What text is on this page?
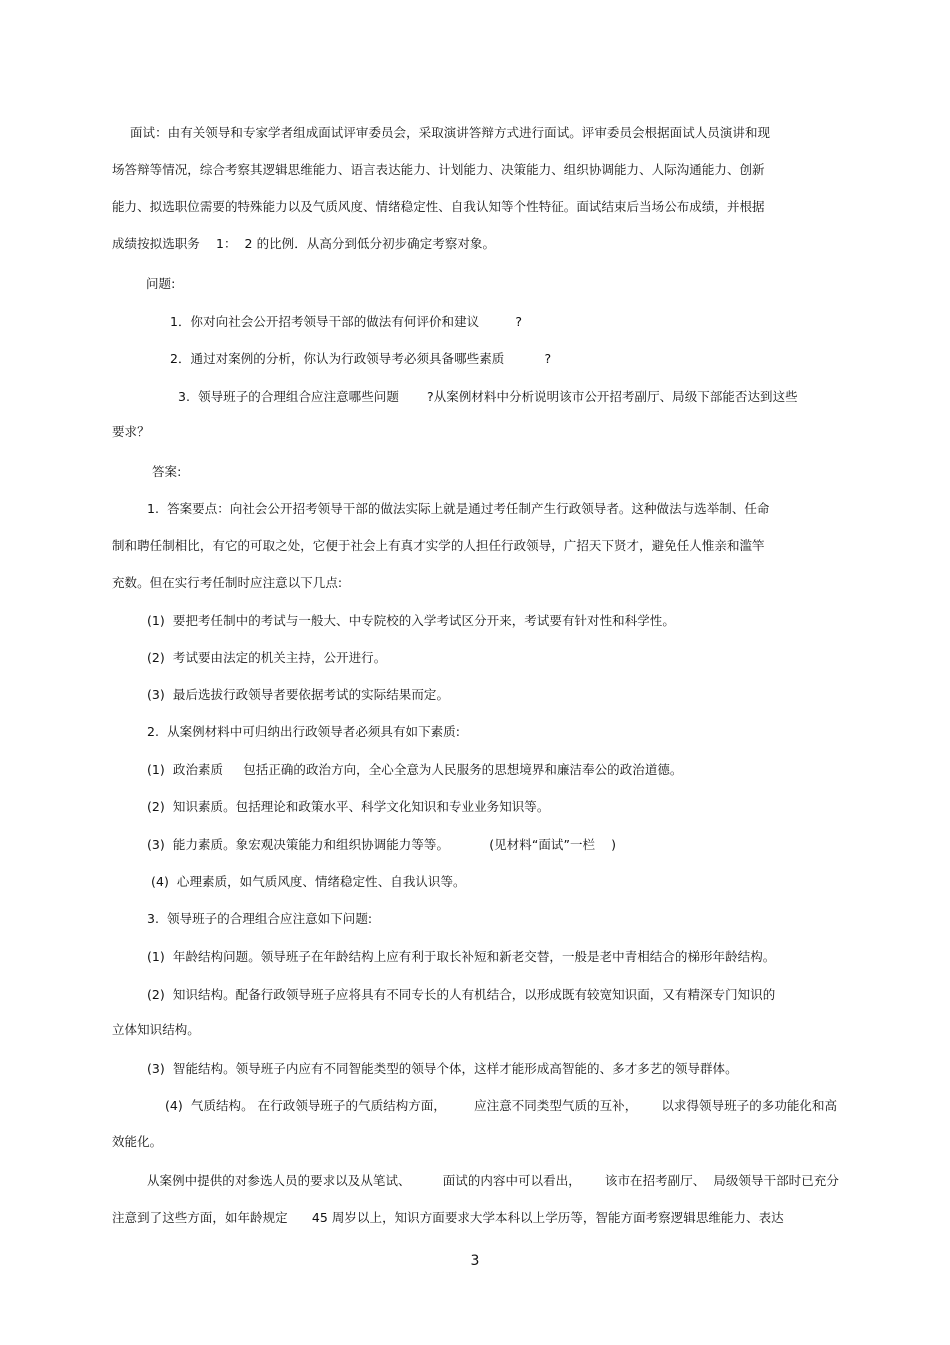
面试：由有关领导和专家学者组成面试评审委员会，采取演讲答辩方式进行面试。评审委员会根据面试人员演讲和现
场答辩等情况，综合考察其逻辑思维能力、语言表达能力、计划能力、决策能力、组织协调能力、人际沟通能力、创新
能力、拟选职位需要的特殊能力以及气质风度、情绪稳定性、自我认知等个性特征。面试结束后当场公布成绩，并根据
成绩按拟选职务    1：  2 的比例．从高分到低分初步确定考察对象。
问题:
1．你对向社会公开招考领导干部的做法有何评价和建议         ?
2．通过对案例的分析，你认为行政领导考必须具备哪些素质          ?
3.  领导班子的合理组合应注意哪些问题       ?从案例材料中分析说明该市公开招考副厅、局级下部能否达到这些
要求？
答案:
1.  答案要点：向社会公开招考领导干部的做法实际上就是通过考任制产生行政领导者。这种做法与选举制、任命
制和聘任制相比，有它的可取之处，它便于社会上有真才实学的人担任行政领导，广招天下贤才，避免任人惟亲和滥竿
充数。但在实行考任制时应注意以下几点:
(1)  要把考任制中的考试与一般大、中专院校的入学考试区分开来，考试要有针对性和科学性。
(2)  考试要由法定的机关主持，公开进行。
(3)  最后选拔行政领导者要依据考试的实际结果而定。
2.  从案例材料中可归纳出行政领导者必须具有如下素质:
(1)  政治素质     包括正确的政治方向，全心全意为人民服务的思想境界和廉洁奉公的政治道德。
(2)  知识素质。包括理论和政策水平、科学文化知识和专业业务知识等。
(3)  能力素质。象宏观决策能力和组织协调能力等等。          (见材料“面试”一栏    )
(4)  心理素质，如气质风度、情绪稳定性、自我认识等。
3.  领导班子的合理组合应注意如下问题:
(1)  年龄结构问题。领导班子在年龄结构上应有利于取长补短和新老交替，一般是老中青相结合的梯形年龄结构。
(2)  知识结构。配备行政领导班子应将具有不同专长的人有机结合，以形成既有较宽知识面，又有精深专门知识的
立体知识结构。
(3)  智能结构。领导班子内应有不同智能类型的领导个体，这样才能形成高智能的、多才多艺的领导群体。
(4)  气质结构。 在行政领导班子的气质结构方面，       应注意不同类型气质的互补，      以求得领导班子的多功能化和高
效能化。
从案例中提供的对参选人员的要求以及从笔试、        面试的内容中可以看出，      该市在招考副厅、  局级领导干部时已充分
注意到了这些方面，如年龄规定      45 周岁以上，知识方面要求大学本科以上学历等，智能方面考察逻辑思维能力、表达
3
